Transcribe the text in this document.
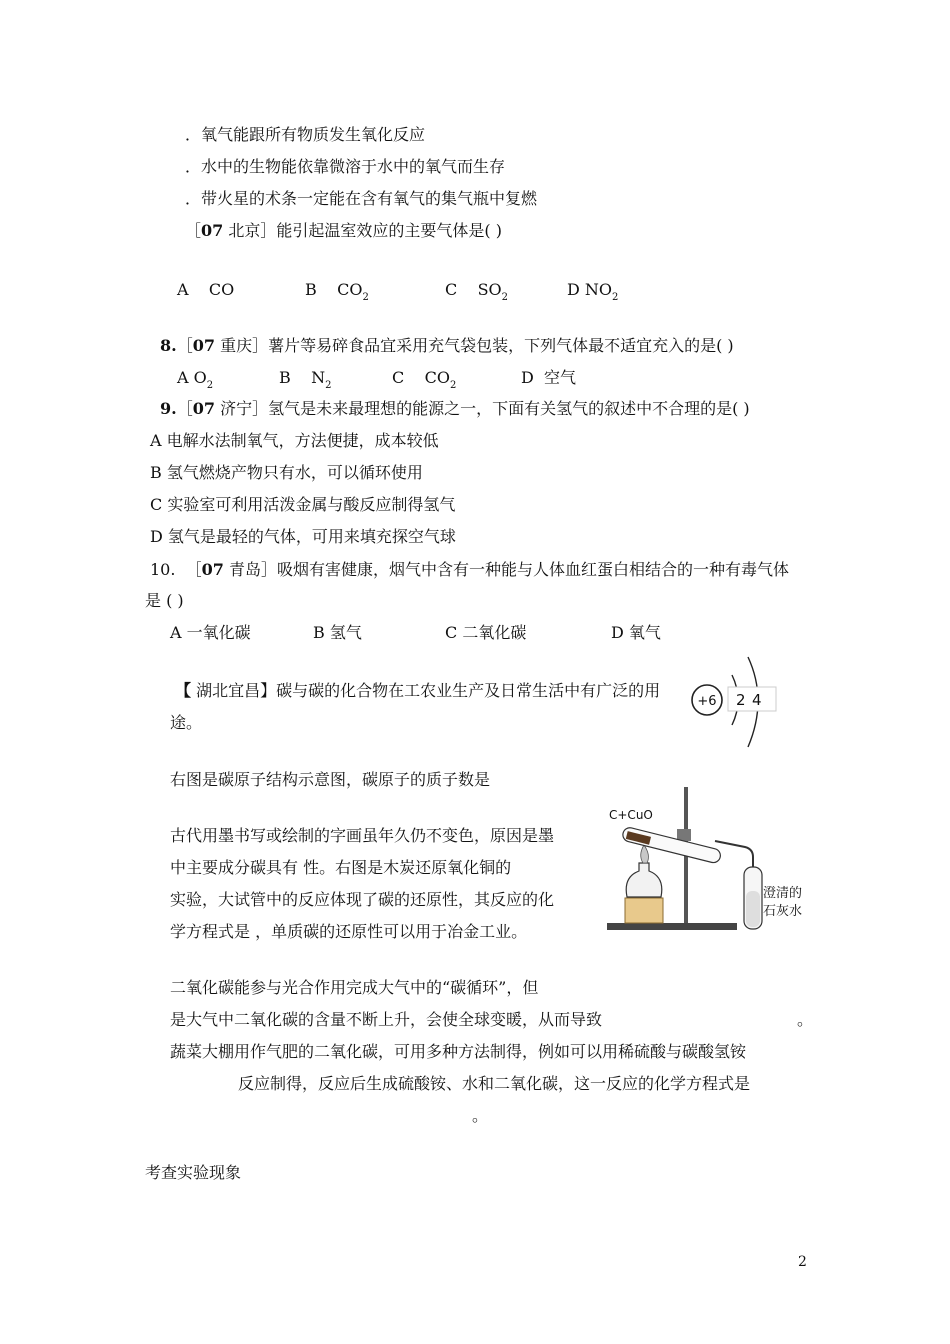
．氧气能跟所有物质发生氧化反应
．水中的生物能依靠微溶于水中的氧气而生存
．带火星的术条一定能在含有氧气的集气瓶中复燃
［07 北京］能引起温室效应的主要气体是( )
A CO	B $CO_2$	C $SO_2$	D $NO_2$
8.［07 重庆］薯片等易碎食品宜采用充气袋包装，下列气体最不适宜充入的是( )
A $O_2$	B $N_2$	C $CO_2$	D 空气
9.［07 济宁］氢气是未来最理想的能源之一，下面有关氢气的叙述中不合理的是( )
A 电解水法制氧气，方法便捷，成本较低
B 氢气燃烧产物只有水，可以循环使用
C 实验室可利用活泼金属与酸反应制得氢气
D 氢气是最轻的气体，可用来填充探空气球
10. ［07 青岛］吸烟有害健康，烟气中含有一种能与人体血红蛋白相结合的一种有毒气体
是 ( )
A 一氧化碳	B 氢气	C 二氧化碳	D 氧气
【 湖北宜昌】碳与碳的化合物在工农业生产及日常生活中有广泛的用
途。
+6 2 4
右图是碳原子结构示意图，碳原子的质子数是
古代用墨书写或绘制的字画虽年久仍不变色，原因是墨
中主要成分碳具有 性。右图是木炭还原氧化铜的
实验，大试管中的反应体现了碳的还原性，其反应的化
学方程式是 ，单质碳的还原性可以用于冶金工业。
C+CuO
澄清的
石灰水
二氧化碳能参与光合作用完成大气中的“碳循环”，但
是大气中二氧化碳的含量不断上升，会使全球变暖，从而导致	。
蔬菜大棚用作气肥的二氧化碳，可用多种方法制得，例如可以用稀硫酸与碳酸氢铵
反应制得，反应后生成硫酸铵、水和二氧化碳，这一反应的化学方程式是
。
考查实验现象
2
